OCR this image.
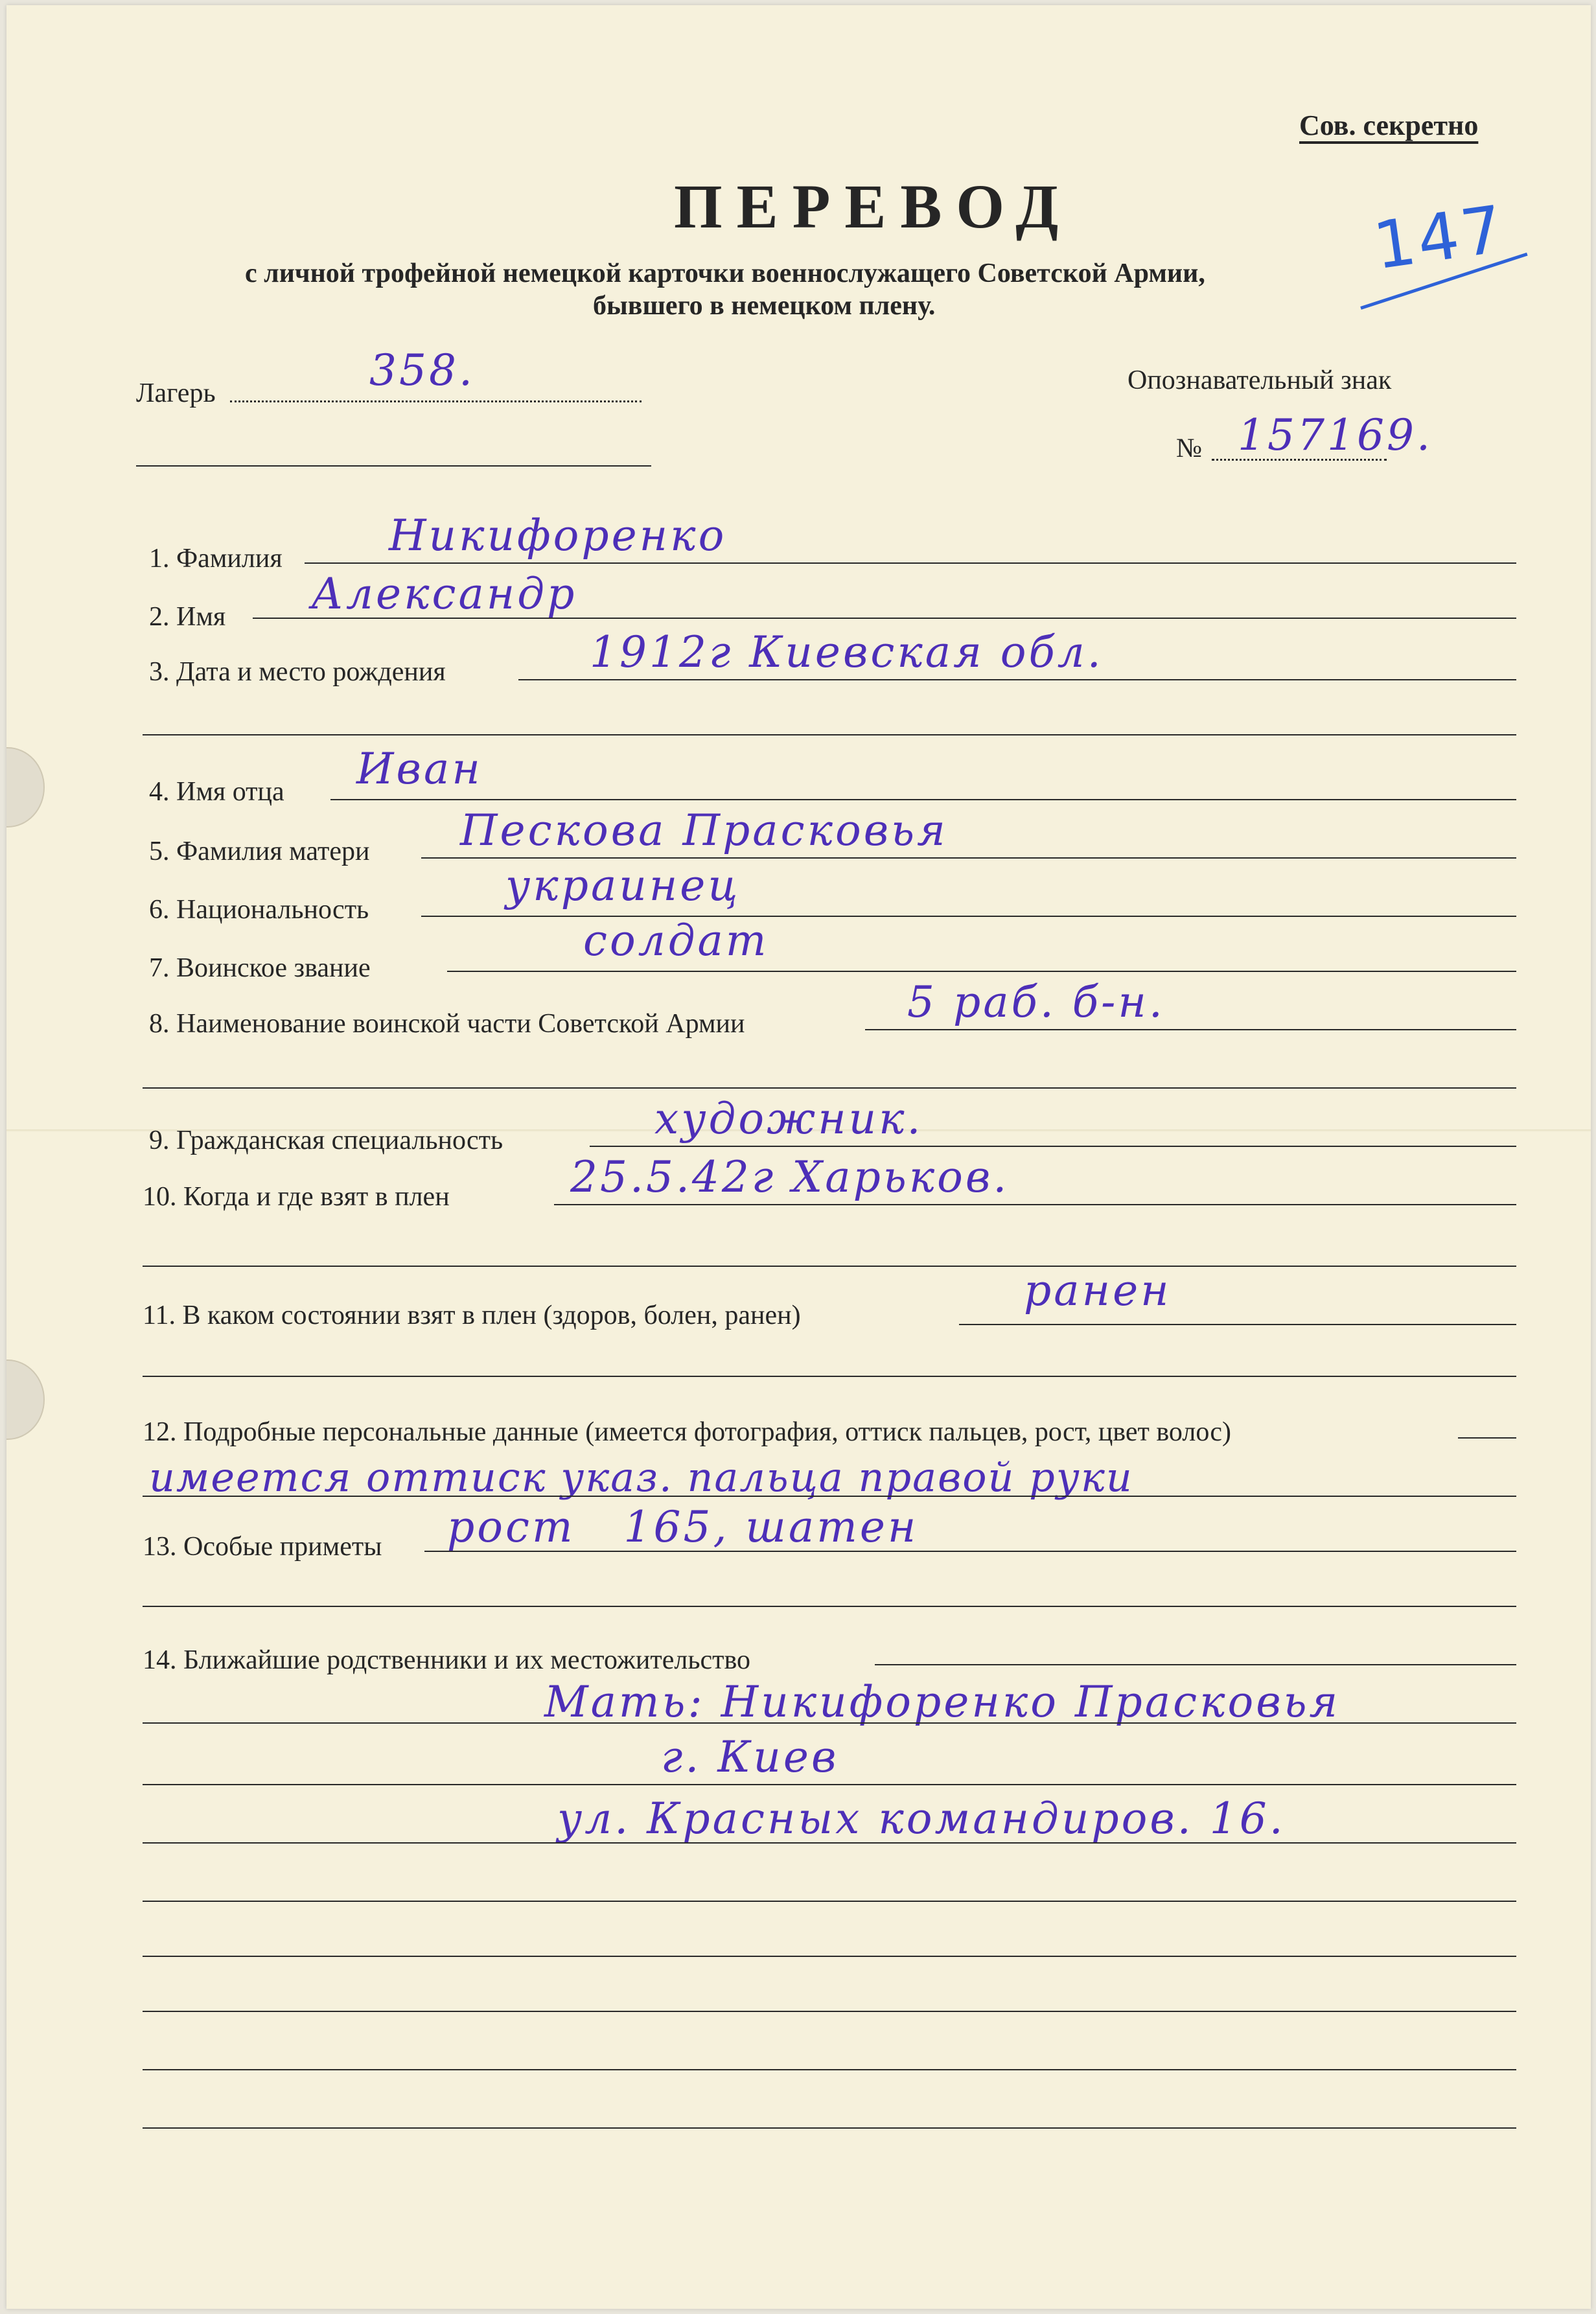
Сов. секретно
ПЕРЕВОД
с личной трофейной немецкой карточки военнослужащего Советской Армии,
бывшего в немецком плену.
147
Лагерь	358.	Опознавательный знак
№ 157169.
1. Фамилия Никифоренко
2. Имя Александр
3. Дата и место рождения	1912г Киевская обл.
4. Имя отца Иван
5. Фамилия матери Пескова Прасковья
6. Национальность	украинец
7. Воинское звание
солдат
8. Наименование воинской части Советской Армии	5 раб. б-н.
9. Гражданская специальность	художник.
10. Когда и где взят в плен	25.5.42г Харьков.
11. В каком состоянии взят в плен (здоров, болен, ранен)	ранен
12. Подробные персональные данные (имеется фотография, оттиск пальцев, рост, цвет волос)
имеется оттиск указ. пальца правой руки
13. Особые приметы рост   165, шатен
14. Ближайшие родственники и их местожительство
Мать: Никифоренко Прасковья
г. Киев
ул. Красных командиров. 16.
